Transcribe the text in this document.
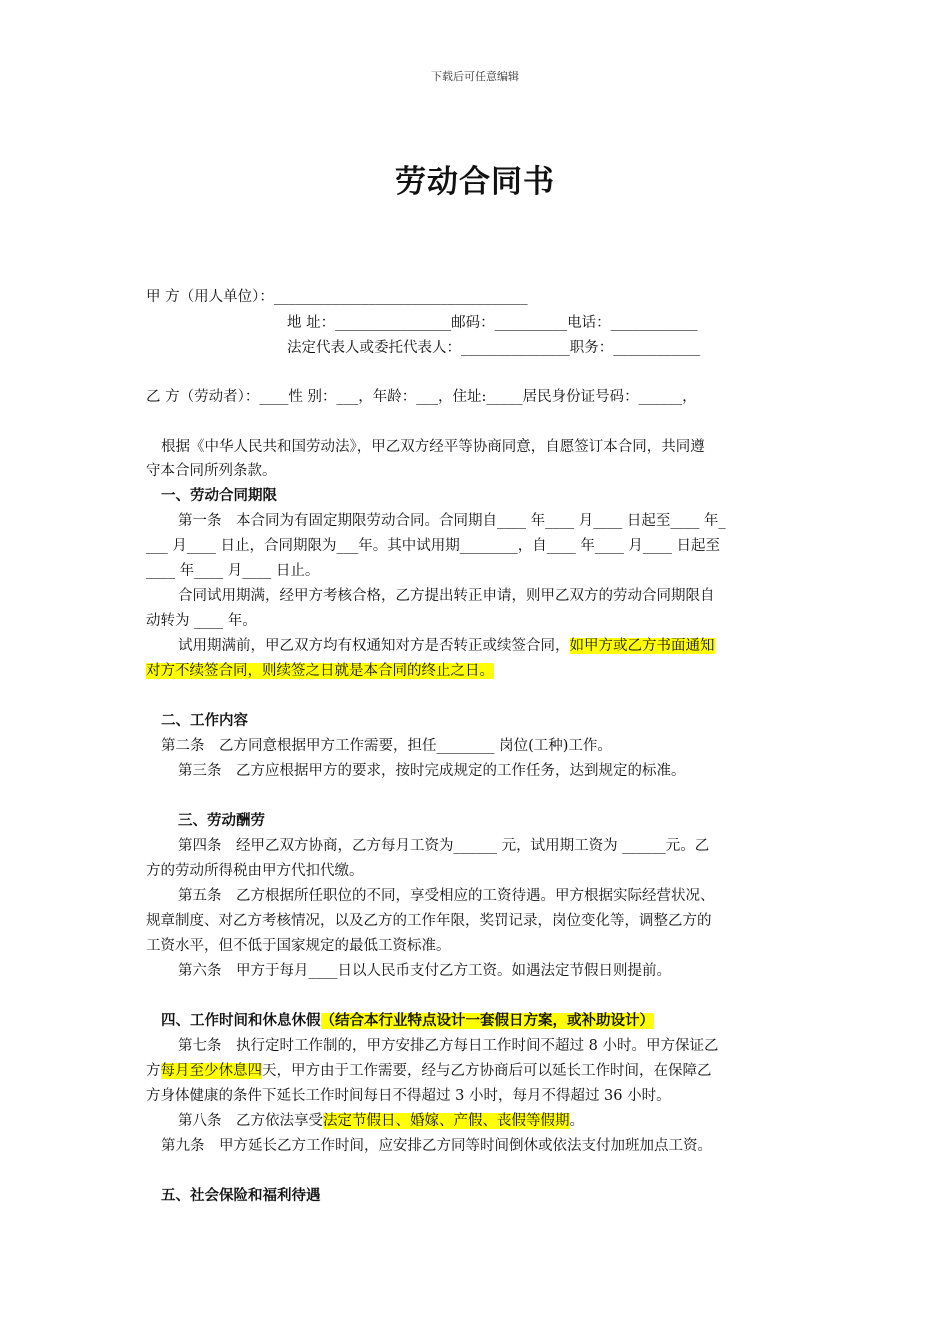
下载后可任意编辑
劳动合同书
甲 方（用人单位）：___________________________________
地 址：________________邮码：__________电话：____________
法定代表人或委托代表人：_______________职务：____________
乙 方（劳动者）：____性 别：___，年龄：___，住址:_____居民身份证号码：______，
根据《中华人民共和国劳动法》，甲乙双方经平等协商同意，自愿签订本合同，共同遵
守本合同所列条款。
一、劳动合同期限
第一条　本合同为有固定期限劳动合同。合同期自____ 年____ 月____ 日起至____ 年_
___ 月____ 日止，合同期限为___年。其中试用期________，自____ 年____ 月____ 日起至
____ 年____ 月____ 日止。
合同试用期满，经甲方考核合格，乙方提出转正申请，则甲乙双方的劳动合同期限自
动转为 ____ 年。
试用期满前，甲乙双方均有权通知对方是否转正或续签合同，如甲方或乙方书面通知
对方不续签合同，则续签之日就是本合同的终止之日。
二、工作内容
第二条　乙方同意根据甲方工作需要，担任________ 岗位(工种)工作。
第三条　乙方应根据甲方的要求，按时完成规定的工作任务，达到规定的标准。
三、劳动酬劳
第四条　经甲乙双方协商，乙方每月工资为______ 元，试用期工资为 ______元。乙
方的劳动所得税由甲方代扣代缴。
第五条　乙方根据所任职位的不同，享受相应的工资待遇。甲方根据实际经营状况、
规章制度、对乙方考核情况，以及乙方的工作年限，奖罚记录，岗位变化等，调整乙方的
工资水平，但不低于国家规定的最低工资标准。
第六条　甲方于每月____日以人民币支付乙方工资。如遇法定节假日则提前。
四、工作时间和休息休假（结合本行业特点设计一套假日方案，或补助设计）
第七条　执行定时工作制的，甲方安排乙方每日工作时间不超过 8 小时。甲方保证乙
方每月至少休息四天，甲方由于工作需要，经与乙方协商后可以延长工作时间，在保障乙
方身体健康的条件下延长工作时间每日不得超过 3 小时，每月不得超过 36 小时。
第八条　乙方依法享受法定节假日、婚嫁、产假、丧假等假期。
第九条　甲方延长乙方工作时间，应安排乙方同等时间倒休或依法支付加班加点工资。
五、社会保险和福利待遇
